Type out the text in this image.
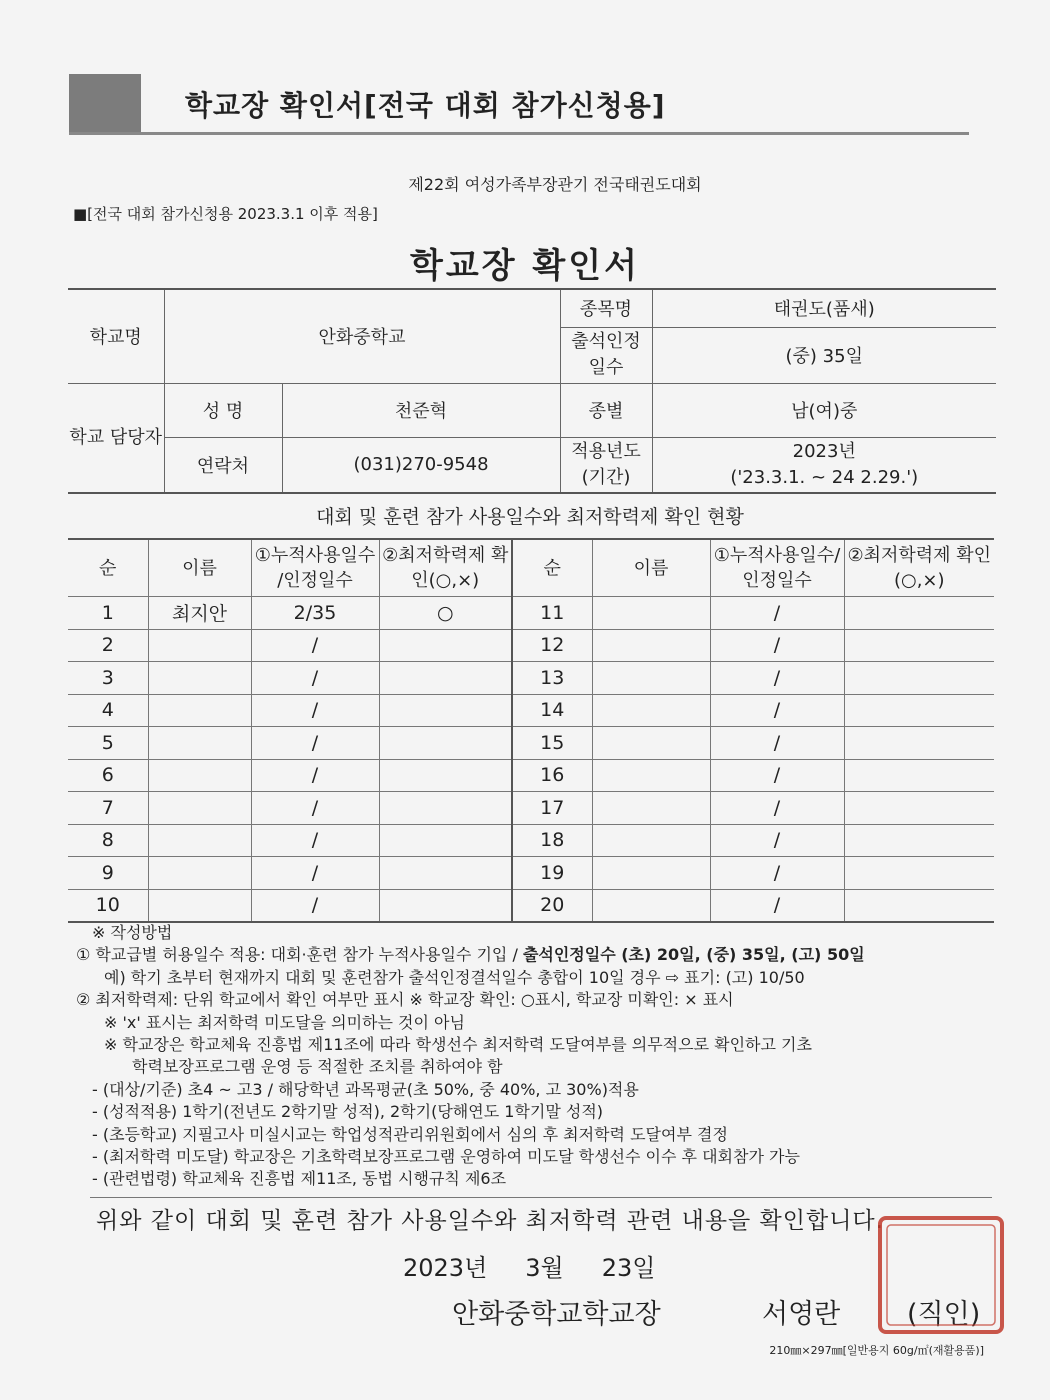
학교장 확인서[전국 대회 참가신청용]
제22회 여성가족부장관기 전국태권도대회
■[전국 대회 참가신청용 2023.3.1 이후 적용]
학교장 확인서
학교명	안화중학교		종목명	태권도(품새)
			출석인정 일수	(중) 35일
학교 담당자	성 명	천준혁	종별	남(여)중
	연락처	(031)270-9548	적용년도 (기간)	2023년
('23.3.1. ~ 24 2.29.')
대회 및 훈련 참가 사용일수와 최저학력제 확인 현황
순	이름	①누적사용일수 /인정일수	②최저학력제 확인(○,×)	순	이름	①누적사용일수/ 인정일수	②최저학력제 확인(○,×)
1	최지안	2/35	○	11		/	
2		/		12		/	
3		/		13		/	
4		/		14		/	
5		/		15		/	
6		/		16		/	
7		/		17		/	
8		/		18		/	
9		/		19		/	
10		/		20		/	
※ 작성방법
① 학교급별 허용일수 적용: 대회·훈련 참가 누적사용일수 기입 / 출석인정일수 (초) 20일, (중) 35일, (고) 50일
예) 학기 초부터 현재까지 대회 및 훈련참가 출석인정결석일수 총합이 10일 경우 ⇨ 표기: (고) 10/50
② 최저학력제: 단위 학교에서 확인 여부만 표시 ※ 학교장 확인: ○표시, 학교장 미확인: × 표시
※ 'x' 표시는 최저학력 미도달을 의미하는 것이 아님
※ 학교장은 학교체육 진흥법 제11조에 따라 학생선수 최저학력 도달여부를 의무적으로 확인하고 기초
학력보장프로그램 운영 등 적절한 조치를 취하여야 함
- (대상/기준) 초4 ~ 고3 / 해당학년 과목평균(초 50%, 중 40%, 고 30%)적용
- (성적적용) 1학기(전년도 2학기말 성적), 2학기(당해연도 1학기말 성적)
- (초등학교) 지필고사 미실시교는 학업성적관리위원회에서 심의 후 최저학력 도달여부 결정
- (최저학력 미도달) 학교장은 기초학력보장프로그램 운영하여 미도달 학생선수 이수 후 대회참가 가능
- (관련법령) 학교체육 진흥법 제11조, 동법 시행규칙 제6조
위와 같이 대회 및 훈련 참가 사용일수와 최저학력 관련 내용을 확인합니다.
2023년 3월 23일
안화중학교학교장	서영란 (직인)
210㎜×297㎜[일반용지 60g/㎡(재활용품)]
